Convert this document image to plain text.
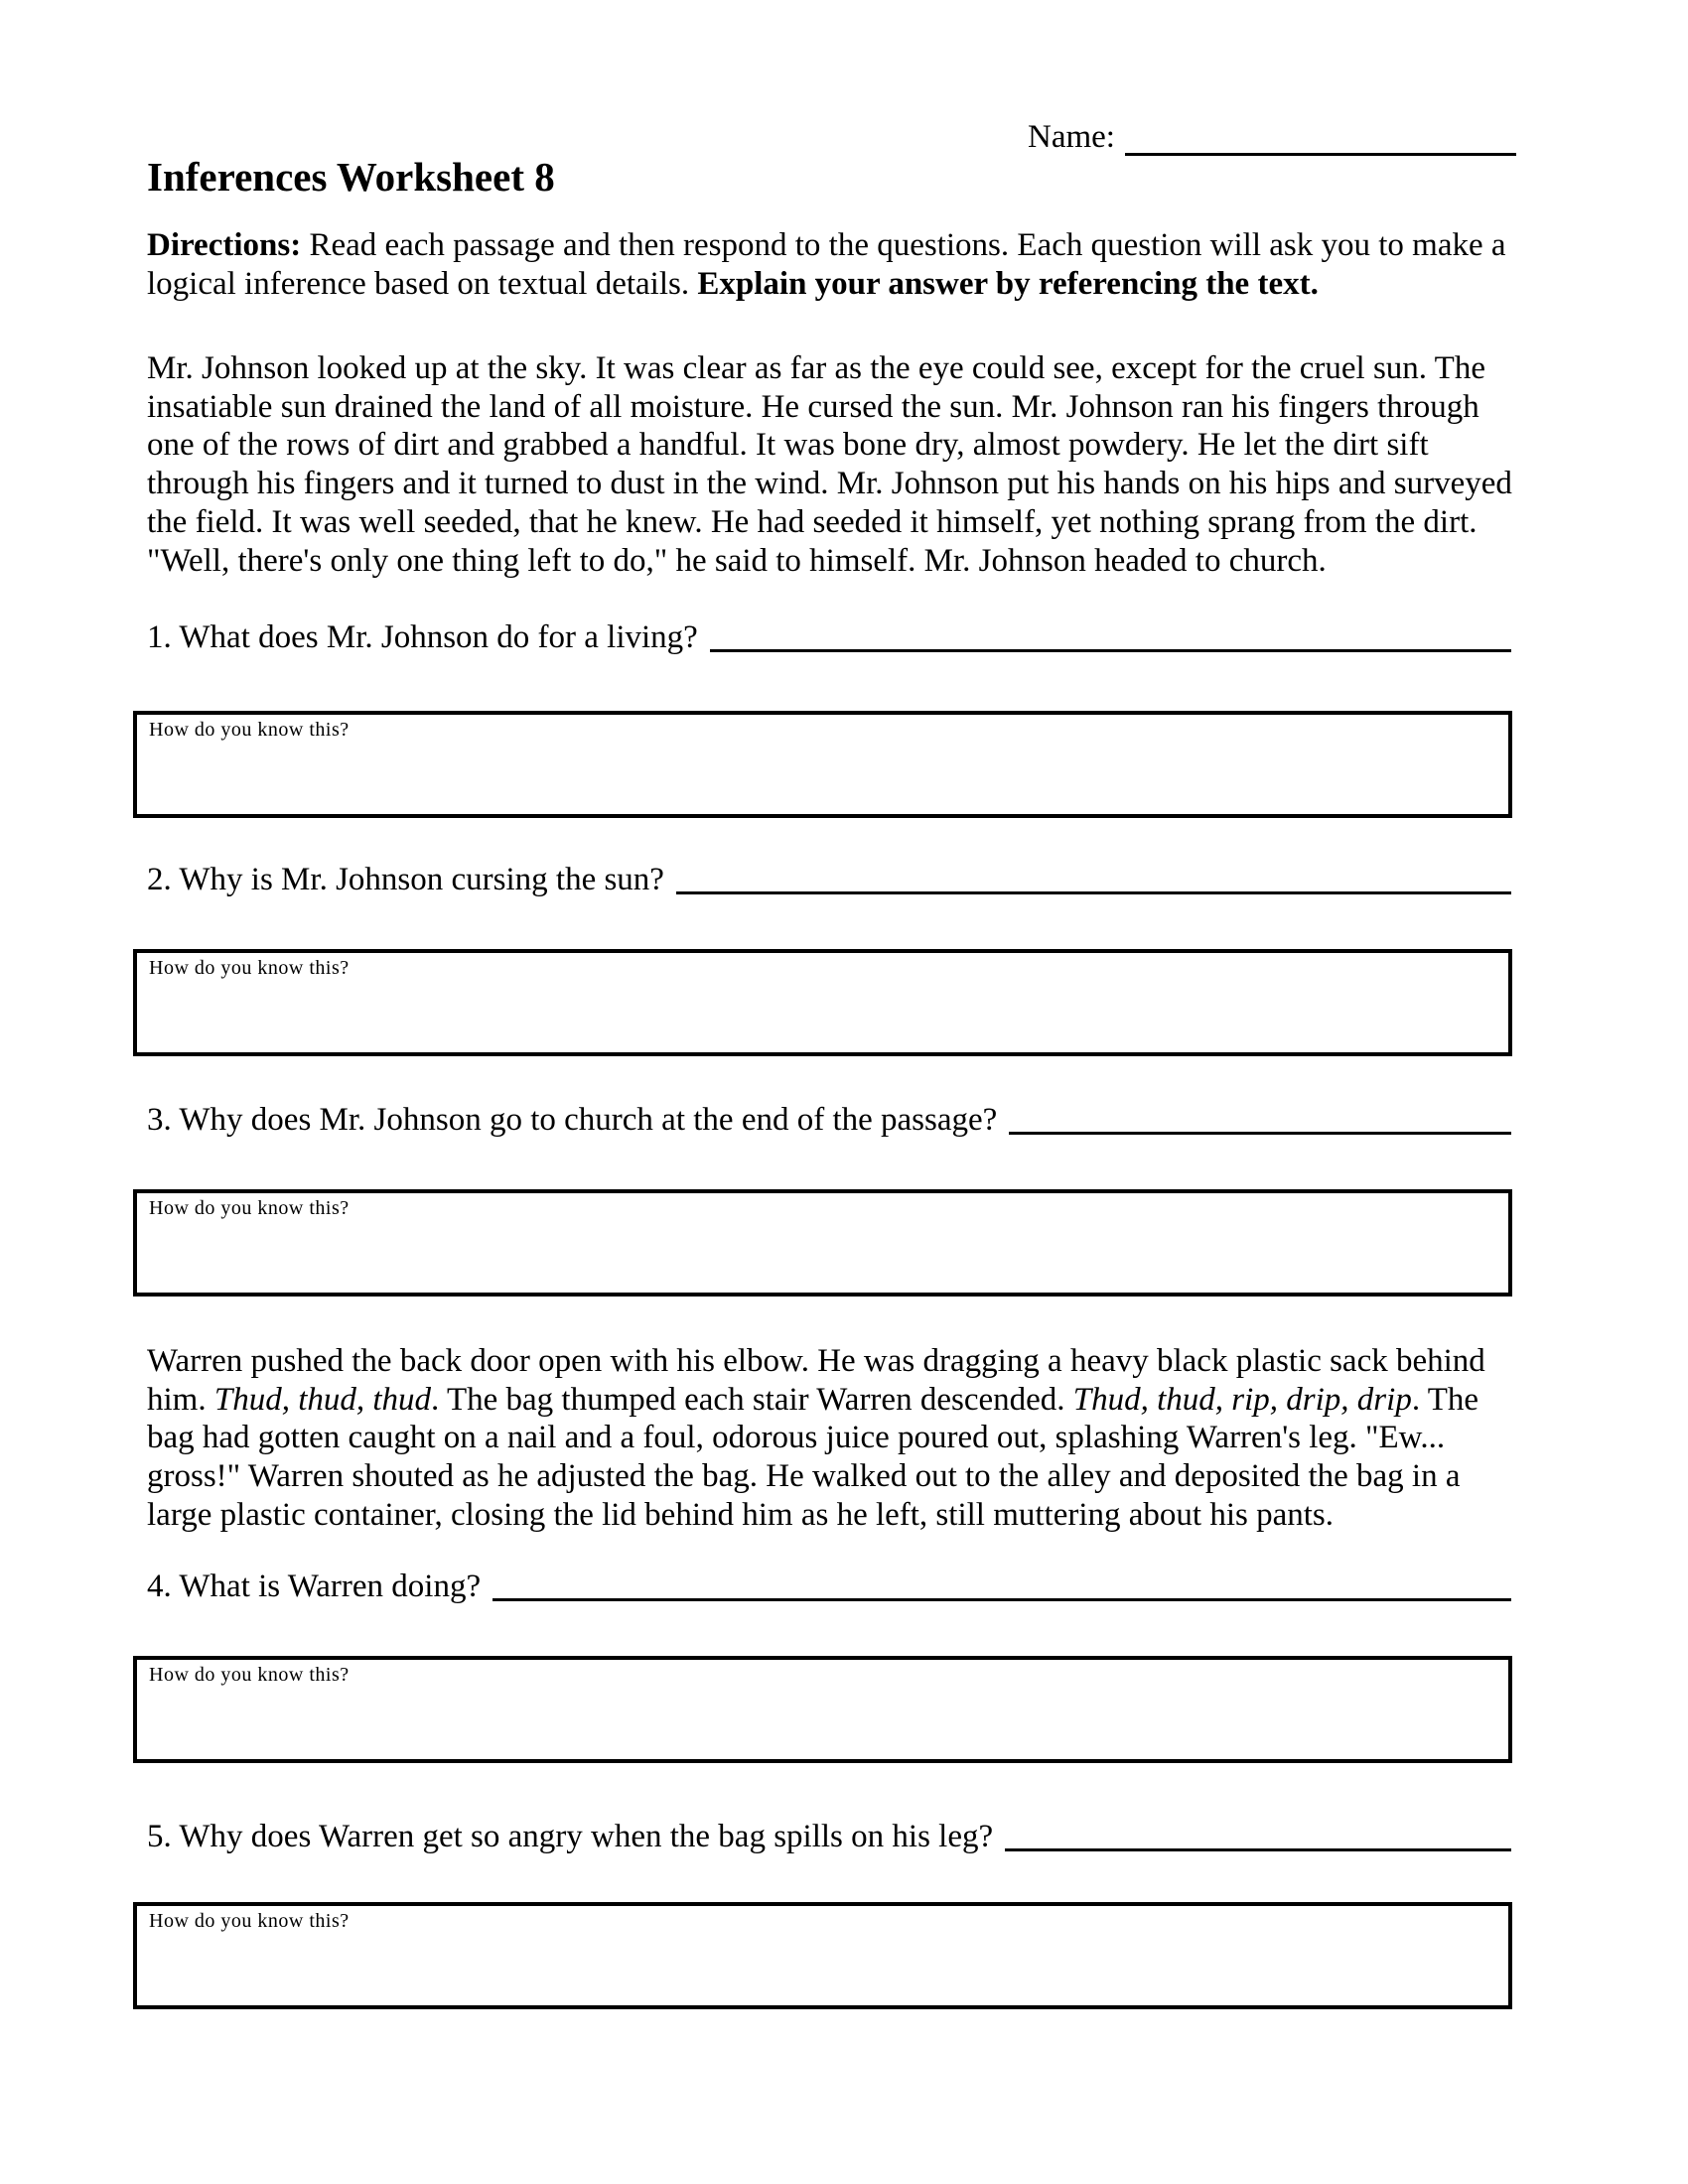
Name:
Inferences Worksheet 8
Directions: Read each passage and then respond to the questions. Each question will ask you to make a
logical inference based on textual details. Explain your answer by referencing the text.
Mr. Johnson looked up at the sky. It was clear as far as the eye could see, except for the cruel sun. The
insatiable sun drained the land of all moisture. He cursed the sun. Mr. Johnson ran his fingers through
one of the rows of dirt and grabbed a handful. It was bone dry, almost powdery. He let the dirt sift
through his fingers and it turned to dust in the wind. Mr. Johnson put his hands on his hips and surveyed
the field. It was well seeded, that he knew. He had seeded it himself, yet nothing sprang from the dirt.
"Well, there's only one thing left to do," he said to himself. Mr. Johnson headed to church.
1. What does Mr. Johnson do for a living?
How do you know this?
2. Why is Mr. Johnson cursing the sun?
How do you know this?
3. Why does Mr. Johnson go to church at the end of the passage?
How do you know this?
Warren pushed the back door open with his elbow. He was dragging a heavy black plastic sack behind
him. Thud, thud, thud. The bag thumped each stair Warren descended. Thud, thud, rip, drip, drip. The
bag had gotten caught on a nail and a foul, odorous juice poured out, splashing Warren's leg. "Ew...
gross!" Warren shouted as he adjusted the bag. He walked out to the alley and deposited the bag in a
large plastic container, closing the lid behind him as he left, still muttering about his pants.
4. What is Warren doing?
How do you know this?
5. Why does Warren get so angry when the bag spills on his leg?
How do you know this?
